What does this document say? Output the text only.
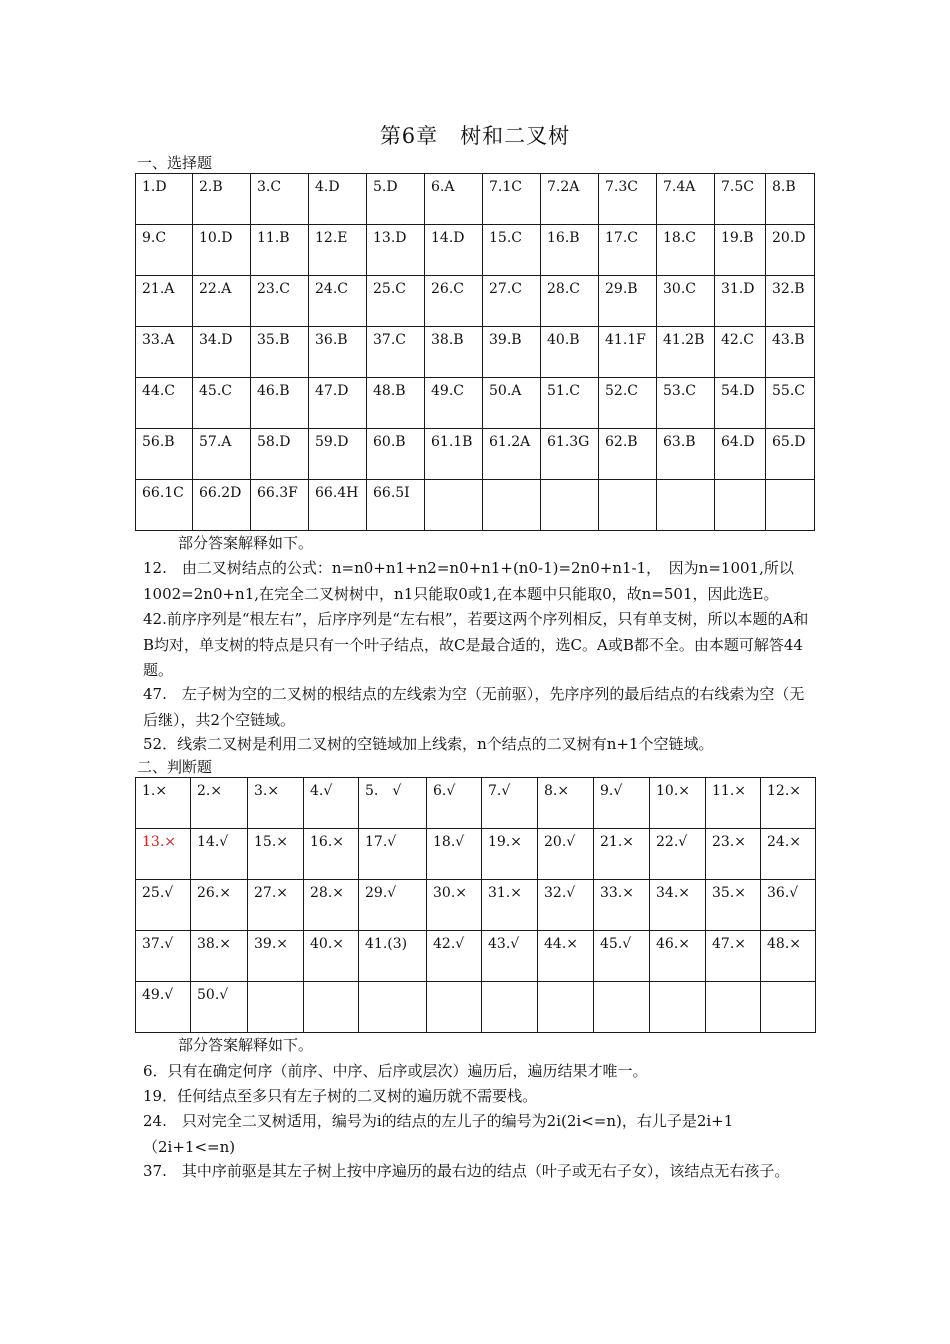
第6章　树和二叉树
一、选择题
1.D	2.B	3.C	4.D	5.D	6.A	7.1C	7.2A	7.3C	7.4A	7.5C	8.B
9.C	10.D	11.B	12.E	13.D	14.D	15.C	16.B	17.C	18.C	19.B	20.D
21.A	22.A	23.C	24.C	25.C	26.C	27.C	28.C	29.B	30.C	31.D	32.B
33.A	34.D	35.B	36.B	37.C	38.B	39.B	40.B	41.1F	41.2B	42.C	43.B
44.C	45.C	46.B	47.D	48.B	49.C	50.A	51.C	52.C	53.C	54.D	55.C
56.B	57.A	58.D	59.D	60.B	61.1B	61.2A	61.3G	62.B	63.B	64.D	65.D
66.1C	66.2D	66.3F	66.4H	66.5I							
部分答案解释如下。
12.　由二叉树结点的公式：n=n0+n1+n2=n0+n1+(n0-1)=2n0+n1-1，　因为n=1001,所以1002=2n0+n1,在完全二叉树树中，n1只能取0或1,在本题中只能取0，故n=501，因此选E。
42.前序序列是“根左右”，后序序列是“左右根”，若要这两个序列相反，只有单支树，所以本题的A和B均对，单支树的特点是只有一个叶子结点，故C是最合适的，选C。A或B都不全。由本题可解答44题。
47.　左子树为空的二叉树的根结点的左线索为空（无前驱），先序序列的最后结点的右线索为空（无后继），共2个空链域。
52．线索二叉树是利用二叉树的空链域加上线索，n个结点的二叉树有n+1个空链域。
二、判断题
1.×	2.×	3.×	4.√	5.　√	6.√	7.√	8.×	9.√	10.×	11.×	12.×
13.×	14.√	15.×	16.×	17.√	18.√	19.×	20.√	21.×	22.√	23.×	24.×
25.√	26.×	27.×	28.×	29.√	30.×	31.×	32.√	33.×	34.×	35.×	36.√
37.√	38.×	39.×	40.×	41.(3)	42.√	43.√	44.×	45.√	46.×	47.×	48.×
49.√	50.√										
部分答案解释如下。
6．只有在确定何序（前序、中序、后序或层次）遍历后，遍历结果才唯一。
19．任何结点至多只有左子树的二叉树的遍历就不需要栈。
24.　只对完全二叉树适用，编号为i的结点的左儿子的编号为2i(2i<=n)，右儿子是2i+1（2i+1<=n)
37.　其中序前驱是其左子树上按中序遍历的最右边的结点（叶子或无右子女），该结点无右孩子。
